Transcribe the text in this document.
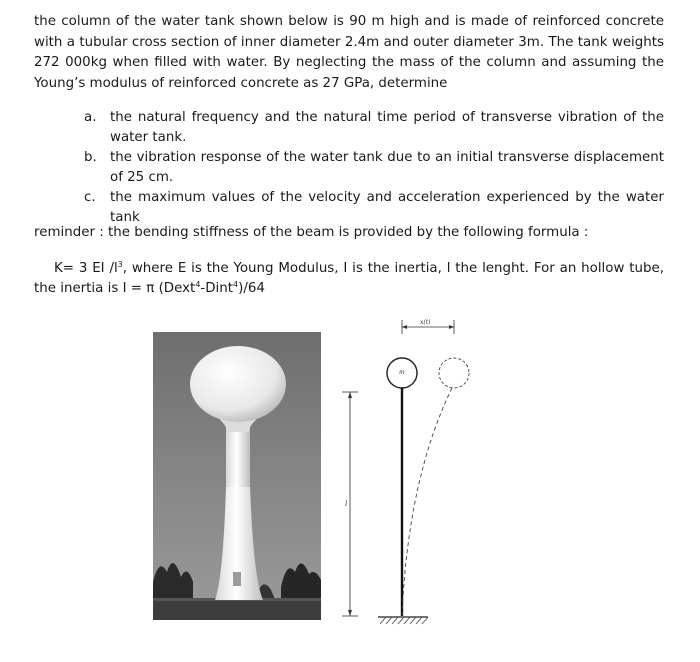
the column of the water tank shown below is 90 m high and is made of reinforced concrete with a tubular cross section of inner diameter 2.4m and outer diameter 3m. The tank weights 272 000kg when filled with water. By neglecting the mass of the column and assuming the Young’s modulus of reinforced concrete as 27 GPa, determine
a.	the natural frequency and the natural time period of transverse vibration of the water tank.
b. the vibration response of the water tank due to an initial transverse displacement of 25 cm.
c.	the maximum values of the velocity and acceleration experienced by the water tank
reminder : the bending stiffness of the beam is provided by the following formula :
K= 3 EI $/l^3$, where E is the Young Modulus, I is the inertia, l the lenght. For an hollow tube, the inertia is I = π (Dext$^4$-Dint$^4$)/64
x(t)
m
l
